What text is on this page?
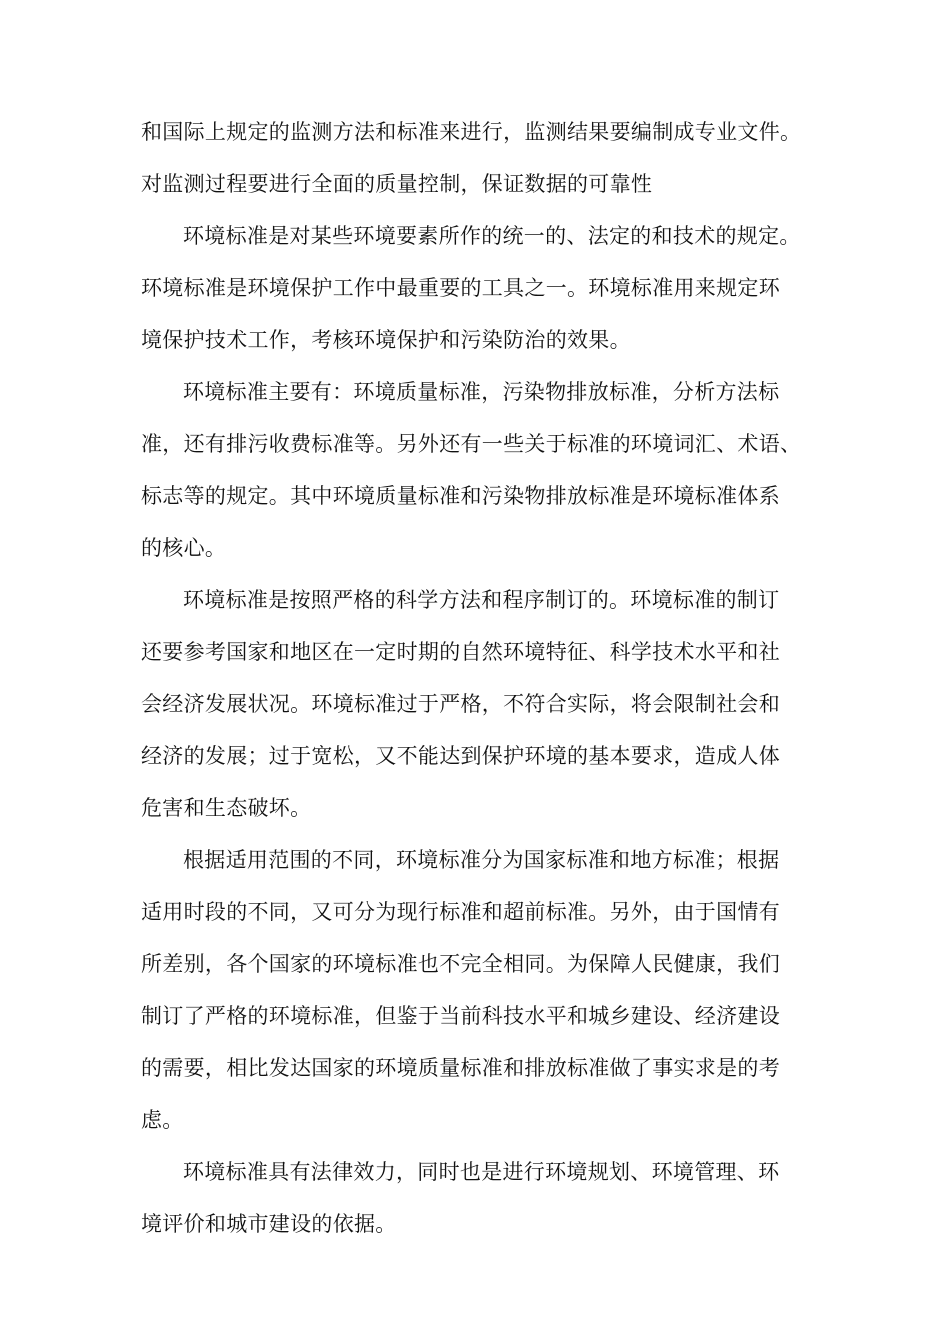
和国际上规定的监测方法和标准来进行，监测结果要编制成专业文件。
对监测过程要进行全面的质量控制，保证数据的可靠性
环境标准是对某些环境要素所作的统一的、法定的和技术的规定。
环境标准是环境保护工作中最重要的工具之一。环境标准用来规定环
境保护技术工作，考核环境保护和污染防治的效果。
环境标准主要有：环境质量标准，污染物排放标准，分析方法标
准，还有排污收费标准等。另外还有一些关于标准的环境词汇、术语、
标志等的规定。其中环境质量标准和污染物排放标准是环境标准体系
的核心。
环境标准是按照严格的科学方法和程序制订的。环境标准的制订
还要参考国家和地区在一定时期的自然环境特征、科学技术水平和社
会经济发展状况。环境标准过于严格，不符合实际，将会限制社会和
经济的发展；过于宽松，又不能达到保护环境的基本要求，造成人体
危害和生态破坏。
根据适用范围的不同，环境标准分为国家标准和地方标准；根据
适用时段的不同，又可分为现行标准和超前标准。另外，由于国情有
所差别，各个国家的环境标准也不完全相同。为保障人民健康，我们
制订了严格的环境标准，但鉴于当前科技水平和城乡建设、经济建设
的需要，相比发达国家的环境质量标准和排放标准做了事实求是的考
虑。
环境标准具有法律效力，同时也是进行环境规划、环境管理、环
境评价和城市建设的依据。
